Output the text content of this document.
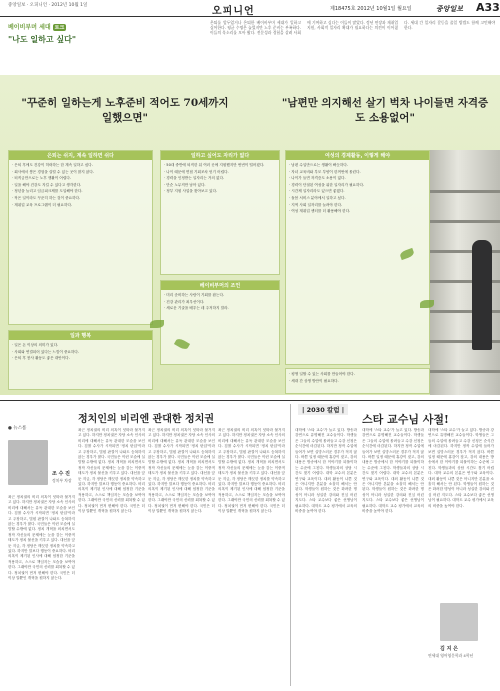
중앙일보 · 오피니언 · 2012년 10월 1일
오피니언	제18475호 2012년 10월1일 월요일	중앙일보 A33
베이비부머 세대 토크
"나도 일하고 싶다"
은퇴를 앞두었거나 은퇴한 베이비부머 세대가 일하고 싶어한다. 평균 수명은 늘었지만 노후 준비는 부족하다. 이들의 목소리를 모아 봤다. 전문성과 경험을 살려 사회에 기여하고 싶다는 이들이 많았다. 정년 연장과 재취업 지원, 사회적 일자리 확대가 필요하다는 의견이 이어졌다. 세대 간 일자리 갈등을 줄일 방법도 함께 고민해야 한다.
"꾸준히 일하는게 노후준비 적어도 70세까지 일했으면"
"남편만 의지해선 살기 벅차 나이들면 자격증도 소용없어"
은퇴는 쉬지, 계속 일하면 쉬다

· 은퇴 후에도 건강이 허락하는 한 계속 일하고 싶다.

· 회사에서 쌓은 경험을 살릴 수 있는 곳이 많지 않다.

· 퇴직금만으로는 노후 생활이 어렵다.

· 일을 해야 건강도 지킬 수 있다고 생각한다.

· 정년을 늘리고 임금피크제를 도입해야 한다.

· 작은 일이라도 꾸준히 하는 것이 중요하다.

· 재취업 교육 프로그램이 더 필요하다.

일하고 싶어도 자리가 없다

· 50대 중반에 퇴직한 뒤 여러 곳에 지원했지만 번번이 떨어졌다.

· 나이 때문에 면접 기회조차 얻기 어렵다.

· 경력을 인정받는 일자리는 거의 없다.

· 단순 노무직만 남아 있다.

· 정부 지원 사업을 찾아보고 있다.

여성의 경제활동, 이렇게 해야

· 남편 수입만으로는 생활이 빠듯하다.

· 자녀 교육비와 부모 부양이 한꺼번에 몰린다.

· 나이가 들면 자격증도 소용이 없다.

· 경력이 단절된 여성을 위한 일자리가 필요하다.

· 시간제 일자리라도 있으면 좋겠다.

· 돌봄 서비스 분야에서 일하고 싶다.

· 지역 사회 일자리를 늘려야 한다.

· 여성 재취업 센터를 더 활용해야 한다.

베이비부머의 조언

· 미리 준비하는 사람이 기회를 잡는다.

· 건강 관리가 최우선이다.

· 새로운 기술을 배우는 데 주저하지 말라.

일과 행복

· 일은 돈 이상의 의미가 있다.

· 사회와 연결되어 있다는 느낌이 중요하다.

· 은퇴 후 봉사 활동도 좋은 대안이다.

· 평생 일할 수 있는 사회를 만들어야 한다.

· 세대 간 상생 방안이 필요하다.

정치인의 비리엔 관대한 정치권
● 뉴스룸
조 수 진
정치부 차장
최근 정치권의 비리 의혹이 잇따라 불거지고 있다. 하지만 정치권은 자당 소속 인사의 비리에 대해서는 유독 관대한 모습을 보인다. 검찰 수사가 시작되면 '정치 탄압'이라고 주장하고, 법원 판결이 나와도 승복하지 않는 경우가 많다. 국민들은 이런 모습에 실망할 수밖에 없다. 정치 개혁을 외치면서도 정작 자신들의 문제에는 눈을 감는 이중적 태도가 정치 불신을 키우고 있다. 대선을 앞둔 지금, 각 정당은 깨끗한 정치를 약속하고 있다. 하지만 말보다 행동이 중요하다. 비리 의혹이 제기된 인사에 대해 엄정한 기준을 적용하고, 스스로 책임지는 모습을 보여야 한다. 그래야만 국민의 신뢰를 회복할 수 있다. 정치권이 먼저 변해야 한다. 국민은 더 이상 말뿐인 개혁을 원하지 않는다.
최근 정치권의 비리 의혹이 잇따라 불거지고 있다. 하지만 정치권은 자당 소속 인사의 비리에 대해서는 유독 관대한 모습을 보인다. 검찰 수사가 시작되면 '정치 탄압'이라고 주장하고, 법원 판결이 나와도 승복하지 않는 경우가 많다. 국민들은 이런 모습에 실망할 수밖에 없다. 정치 개혁을 외치면서도 정작 자신들의 문제에는 눈을 감는 이중적 태도가 정치 불신을 키우고 있다. 대선을 앞둔 지금, 각 정당은 깨끗한 정치를 약속하고 있다. 하지만 말보다 행동이 중요하다. 비리 의혹이 제기된 인사에 대해 엄정한 기준을 적용하고, 스스로 책임지는 모습을 보여야 한다. 그래야만 국민의 신뢰를 회복할 수 있다. 정치권이 먼저 변해야 한다. 국민은 더 이상 말뿐인 개혁을 원하지 않는다.
최근 정치권의 비리 의혹이 잇따라 불거지고 있다. 하지만 정치권은 자당 소속 인사의 비리에 대해서는 유독 관대한 모습을 보인다. 검찰 수사가 시작되면 '정치 탄압'이라고 주장하고, 법원 판결이 나와도 승복하지 않는 경우가 많다. 국민들은 이런 모습에 실망할 수밖에 없다. 정치 개혁을 외치면서도 정작 자신들의 문제에는 눈을 감는 이중적 태도가 정치 불신을 키우고 있다. 대선을 앞둔 지금, 각 정당은 깨끗한 정치를 약속하고 있다. 하지만 말보다 행동이 중요하다. 비리 의혹이 제기된 인사에 대해 엄정한 기준을 적용하고, 스스로 책임지는 모습을 보여야 한다. 그래야만 국민의 신뢰를 회복할 수 있다. 정치권이 먼저 변해야 한다. 국민은 더 이상 말뿐인 개혁을 원하지 않는다.
최근 정치권의 비리 의혹이 잇따라 불거지고 있다. 하지만 정치권은 자당 소속 인사의 비리에 대해서는 유독 관대한 모습을 보인다. 검찰 수사가 시작되면 '정치 탄압'이라고 주장하고, 법원 판결이 나와도 승복하지 않는 경우가 많다. 국민들은 이런 모습에 실망할 수밖에 없다. 정치 개혁을 외치면서도 정작 자신들의 문제에는 눈을 감는 이중적 태도가 정치 불신을 키우고 있다. 대선을 앞둔 지금, 각 정당은 깨끗한 정치를 약속하고 있다. 하지만 말보다 행동이 중요하다. 비리 의혹이 제기된 인사에 대해 엄정한 기준을 적용하고, 스스로 책임지는 모습을 보여야 한다. 그래야만 국민의 신뢰를 회복할 수 있다. 정치권이 먼저 변해야 한다. 국민은 더 이상 말뿐인 개혁을 원하지 않는다.
| 2030 칼럼 |
스타 교수님 사절!
대학에 '스타 교수'가 늘고 있다. 방송과 강연으로 유명해진 교수들이다. 학생들은 그들의 수업에 몰려들고 수강 신청은 순식간에 마감된다. 하지만 정작 수업에 들어가 보면 실망스러운 경우가 적지 않다. 바쁜 일정 때문에 휴강이 잦고, 강의 내용은 방송에서 한 이야기를 되풀이하는 수준에 그친다. 학생들과의 상담 시간도 찾기 어렵다. 대학 교수의 본분은 연구와 교육이다. 대외 활동이 나쁜 것은 아니지만 본분을 소홀히 해서는 안 된다. 학생들이 원하는 것은 화려한 명성이 아니라 성실한 강의와 진심 어린 지도다. 스타 교수보다 좋은 선생님이 필요하다. 대학도 교수 평가에서 교육의 비중을 높여야 한다.
대학에 '스타 교수'가 늘고 있다. 방송과 강연으로 유명해진 교수들이다. 학생들은 그들의 수업에 몰려들고 수강 신청은 순식간에 마감된다. 하지만 정작 수업에 들어가 보면 실망스러운 경우가 적지 않다. 바쁜 일정 때문에 휴강이 잦고, 강의 내용은 방송에서 한 이야기를 되풀이하는 수준에 그친다. 학생들과의 상담 시간도 찾기 어렵다. 대학 교수의 본분은 연구와 교육이다. 대외 활동이 나쁜 것은 아니지만 본분을 소홀히 해서는 안 된다. 학생들이 원하는 것은 화려한 명성이 아니라 성실한 강의와 진심 어린 지도다. 스타 교수보다 좋은 선생님이 필요하다. 대학도 교수 평가에서 교육의 비중을 높여야 한다.
대학에 '스타 교수'가 늘고 있다. 방송과 강연으로 유명해진 교수들이다. 학생들은 그들의 수업에 몰려들고 수강 신청은 순식간에 마감된다. 하지만 정작 수업에 들어가 보면 실망스러운 경우가 적지 않다. 바쁜 일정 때문에 휴강이 잦고, 강의 내용은 방송에서 한 이야기를 되풀이하는 수준에 그친다. 학생들과의 상담 시간도 찾기 어렵다. 대학 교수의 본분은 연구와 교육이다. 대외 활동이 나쁜 것은 아니지만 본분을 소홀히 해서는 안 된다. 학생들이 원하는 것은 화려한 명성이 아니라 성실한 강의와 진심 어린 지도다. 스타 교수보다 좋은 선생님이 필요하다. 대학도 교수 평가에서 교육의 비중을 높여야 한다.
김 지 은
연세대 영어영문학과 4학년
